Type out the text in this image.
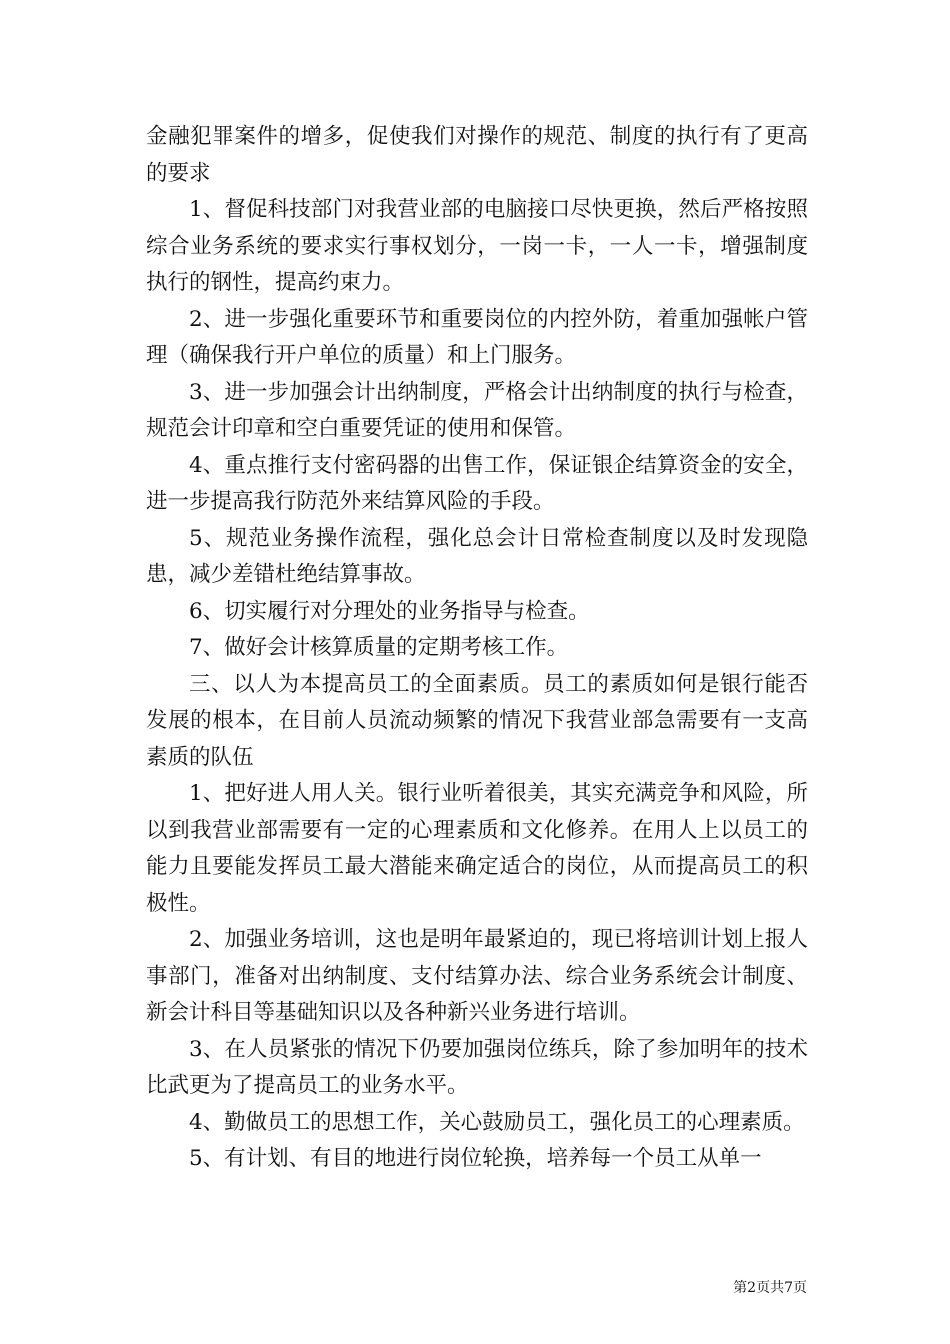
金融犯罪案件的增多，促使我们对操作的规范、制度的执行有了更高的要求

1、督促科技部门对我营业部的电脑接口尽快更换，然后严格按照综合业务系统的要求实行事权划分，一岗一卡，一人一卡，增强制度执行的钢性，提高约束力。

2、进一步强化重要环节和重要岗位的内控外防，着重加强帐户管理（确保我行开户单位的质量）和上门服务。

3、进一步加强会计出纳制度，严格会计出纳制度的执行与检查，规范会计印章和空白重要凭证的使用和保管。

4、重点推行支付密码器的出售工作，保证银企结算资金的安全，进一步提高我行防范外来结算风险的手段。

5、规范业务操作流程，强化总会计日常检查制度以及时发现隐患，减少差错杜绝结算事故。

6、切实履行对分理处的业务指导与检查。

7、做好会计核算质量的定期考核工作。

三、以人为本提高员工的全面素质。员工的素质如何是银行能否发展的根本，在目前人员流动频繁的情况下我营业部急需要有一支高素质的队伍

1、把好进人用人关。银行业听着很美，其实充满竞争和风险，所以到我营业部需要有一定的心理素质和文化修养。在用人上以员工的能力且要能发挥员工最大潜能来确定适合的岗位，从而提高员工的积极性。

2、加强业务培训，这也是明年最紧迫的，现已将培训计划上报人事部门，准备对出纳制度、支付结算办法、综合业务系统会计制度、新会计科目等基础知识以及各种新兴业务进行培训。

3、在人员紧张的情况下仍要加强岗位练兵，除了参加明年的技术比武更为了提高员工的业务水平。

4、勤做员工的思想工作，关心鼓励员工，强化员工的心理素质。

5、有计划、有目的地进行岗位轮换，培养每一个员工从单一

第2页共7页
